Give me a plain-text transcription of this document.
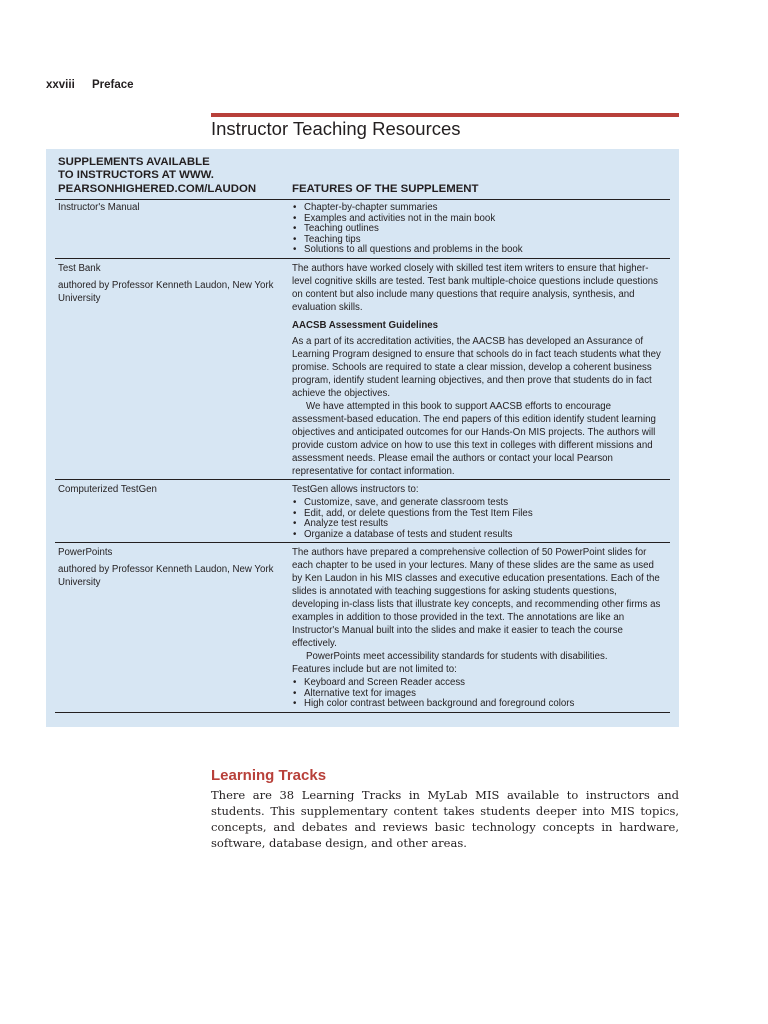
xxviii Preface
Instructor Teaching Resources
SUPPLEMENTS AVAILABLE
TO INSTRUCTORS AT WWW.
PEARSONHIGHERED.COM/LAUDON	FEATURES OF THE SUPPLEMENT
Instructor's Manual
•	Chapter-by-chapter summaries
• Examples and activities not in the main book
• Teaching outlines
• Teaching tips
• Solutions to all questions and problems in the book
Test Bank
authored by Professor Kenneth Laudon, New York University

The authors have worked closely with skilled test item writers to ensure that higher-level cognitive skills are tested. Test bank multiple-choice questions include questions on content but also include many questions that require analysis, synthesis, and evaluation skills.

AACSB Assessment Guidelines

As a part of its accreditation activities, the AACSB has developed an Assurance of Learning Program designed to ensure that schools do in fact teach students what they promise. Schools are required to state a clear mission, develop a coherent business program, identify student learning objectives, and then prove that students do in fact achieve the objectives.

We have attempted in this book to support AACSB efforts to encourage assessment-based education. The end papers of this edition identify student learning objectives and anticipated outcomes for our Hands-On MIS projects. The authors will provide custom advice on how to use this text in colleges with different missions and assessment needs. Please email the authors or contact your local Pearson representative for contact information.

Computerized TestGen	TestGen allows instructors to:
• Customize, save, and generate classroom tests
• Edit, add, or delete questions from the Test Item Files
• Analyze test results
• Organize a database of tests and student results
PowerPoints
authored by Professor Kenneth Laudon, New York University

The authors have prepared a comprehensive collection of 50 PowerPoint slides for each chapter to be used in your lectures. Many of these slides are the same as used by Ken Laudon in his MIS classes and executive education presentations. Each of the slides is annotated with teaching suggestions for asking students questions, developing in-class lists that illustrate key concepts, and recommending other firms as examples in addition to those provided in the text. The annotations are like an Instructor's Manual built into the slides and make it easier to teach the course effectively.

PowerPoints meet accessibility standards for students with disabilities.

Features include but are not limited to:

• Keyboard and Screen Reader access
• Alternative text for images
• High color contrast between background and foreground colors
Learning Tracks
There are 38 Learning Tracks in MyLab MIS available to instructors and students. This supplementary content takes students deeper into MIS topics, concepts, and debates and reviews basic technology concepts in hardware, software, database design, and other areas.
